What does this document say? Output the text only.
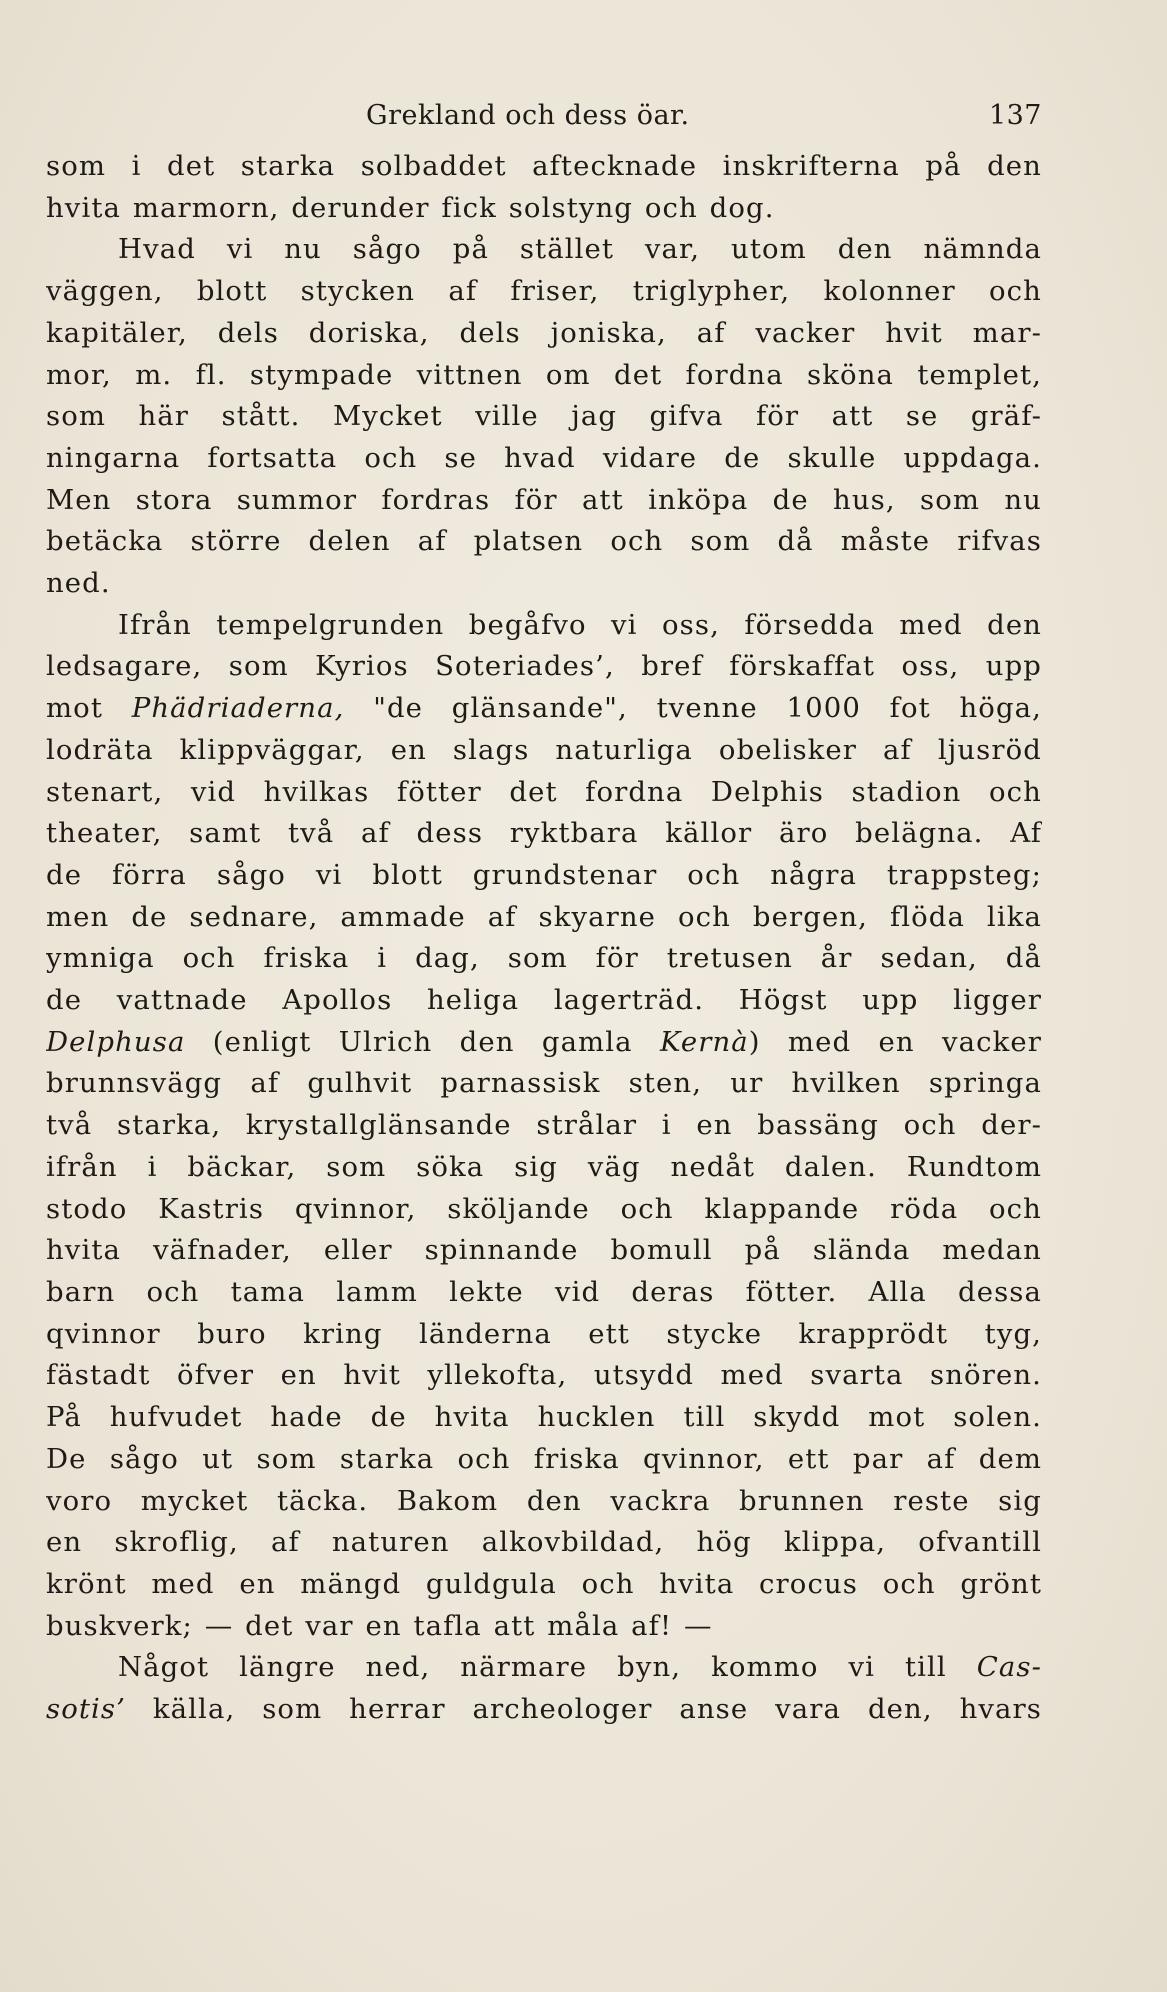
Grekland och dess öar.	137
som i det starka solbaddet aftecknade inskrifterna på den
hvita marmorn, derunder fick solstyng och dog.
Hvad vi nu sågo på stället var, utom den nämnda
väggen, blott stycken af friser, triglypher, kolonner och
kapitäler, dels doriska, dels joniska, af vacker hvit mar-
mor, m. fl. stympade vittnen om det fordna sköna templet,
som här stått. Mycket ville jag gifva för att se gräf-
ningarna fortsatta och se hvad vidare de skulle uppdaga.
Men stora summor fordras för att inköpa de hus, som nu
betäcka större delen af platsen och som då måste rifvas
ned.
Ifrån tempelgrunden begåfvo vi oss, försedda med den
ledsagare, som Kyrios Soteriades’, bref förskaffat oss, upp
mot Phädriaderna, "de glänsande", tvenne 1000 fot höga,
lodräta klippväggar, en slags naturliga obelisker af ljusröd
stenart, vid hvilkas fötter det fordna Delphis stadion och
theater, samt två af dess ryktbara källor äro belägna. Af
de förra sågo vi blott grundstenar och några trappsteg;
men de sednare, ammade af skyarne och bergen, flöda lika
ymniga och friska i dag, som för tretusen år sedan, då
de vattnade Apollos heliga lagerträd. Högst upp ligger
Delphusa (enligt Ulrich den gamla Kernà) med en vacker
brunnsvägg af gulhvit parnassisk sten, ur hvilken springa
två starka, krystallglänsande strålar i en bassäng och der-
ifrån i bäckar, som söka sig väg nedåt dalen. Rundtom
stodo Kastris qvinnor, sköljande och klappande röda och
hvita väfnader, eller spinnande bomull på slända medan
barn och tama lamm lekte vid deras fötter. Alla dessa
qvinnor buro kring länderna ett stycke krapprödt tyg,
fästadt öfver en hvit yllekofta, utsydd med svarta snören.
På hufvudet hade de hvita hucklen till skydd mot solen.
De sågo ut som starka och friska qvinnor, ett par af dem
voro mycket täcka. Bakom den vackra brunnen reste sig
en skroflig, af naturen alkovbildad, hög klippa, ofvantill
krönt med en mängd guldgula och hvita crocus och grönt
buskverk; — det var en tafla att måla af! —
Något längre ned, närmare byn, kommo vi till Cas-
sotis’ källa, som herrar archeologer anse vara den, hvars
